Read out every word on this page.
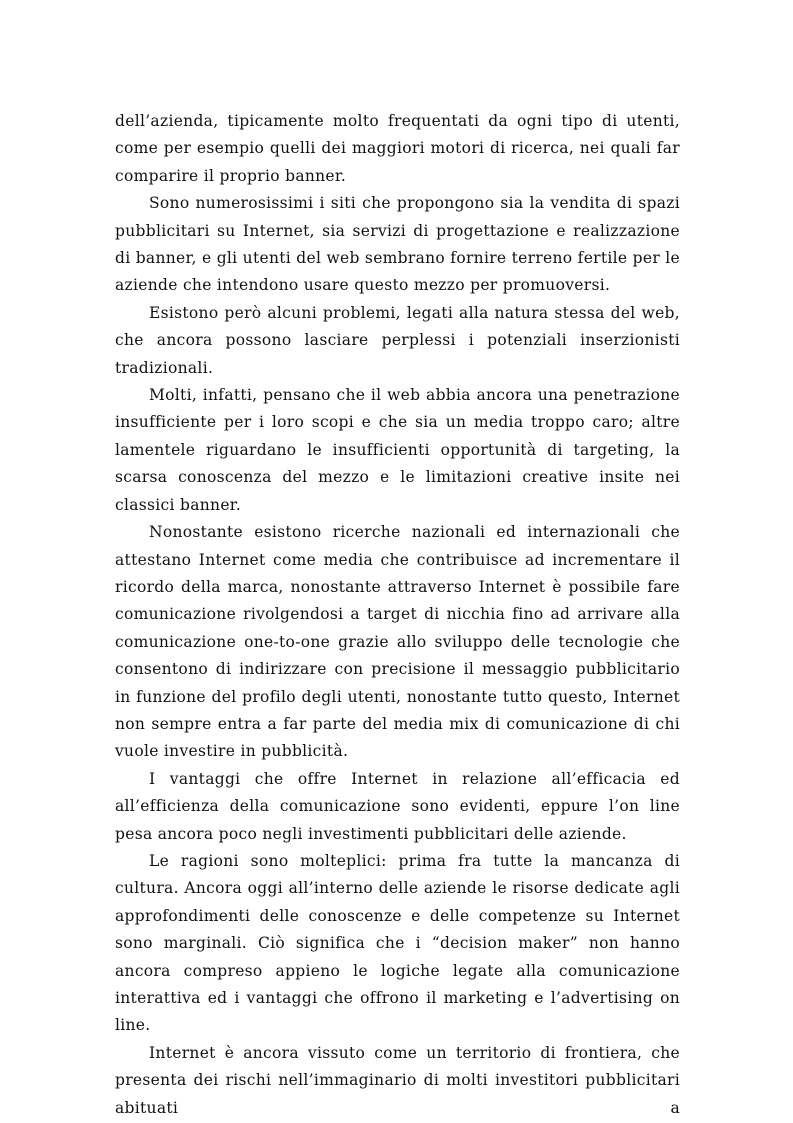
dell’azienda, tipicamente molto frequentati da ogni tipo di utenti, come per esempio quelli dei maggiori motori di ricerca, nei quali far comparire il proprio banner.

Sono numerosissimi i siti che propongono sia la vendita di spazi pubblicitari su Internet, sia servizi di progettazione e realizzazione di banner, e gli utenti del web sembrano fornire terreno fertile per le aziende che intendono usare questo mezzo per promuoversi.

Esistono però alcuni problemi, legati alla natura stessa del web, che ancora possono lasciare perplessi i potenziali inserzionisti tradizionali.

Molti, infatti, pensano che il web abbia ancora una penetrazione insufficiente per i loro scopi e che sia un media troppo caro; altre lamentele riguardano le insufficienti opportunità di targeting, la scarsa conoscenza del mezzo e le limitazioni creative insite nei classici banner.

Nonostante esistono ricerche nazionali ed internazionali che attestano Internet come media che contribuisce ad incrementare il ricordo della marca, nonostante attraverso Internet è possibile fare comunicazione rivolgendosi a target di nicchia fino ad arrivare alla comunicazione one-to-one grazie allo sviluppo delle tecnologie che consentono di indirizzare con precisione il messaggio pubblicitario in funzione del profilo degli utenti, nonostante tutto questo, Internet non sempre entra a far parte del media mix di comunicazione di chi vuole investire in pubblicità.

I vantaggi che offre Internet in relazione all’efficacia ed all’efficienza della comunicazione sono evidenti, eppure l’on line pesa ancora poco negli investimenti pubblicitari delle aziende.

Le ragioni sono molteplici: prima fra tutte la mancanza di cultura. Ancora oggi all’interno delle aziende le risorse dedicate agli approfondimenti delle conoscenze e delle competenze su Internet sono marginali. Ciò significa che i “decision maker” non hanno ancora compreso appieno le logiche legate alla comunicazione interattiva ed i vantaggi che offrono il marketing e l’advertising on line.

Internet è ancora vissuto come un territorio di frontiera, che presenta dei rischi nell’immaginario di molti investitori pubblicitari abituati a
